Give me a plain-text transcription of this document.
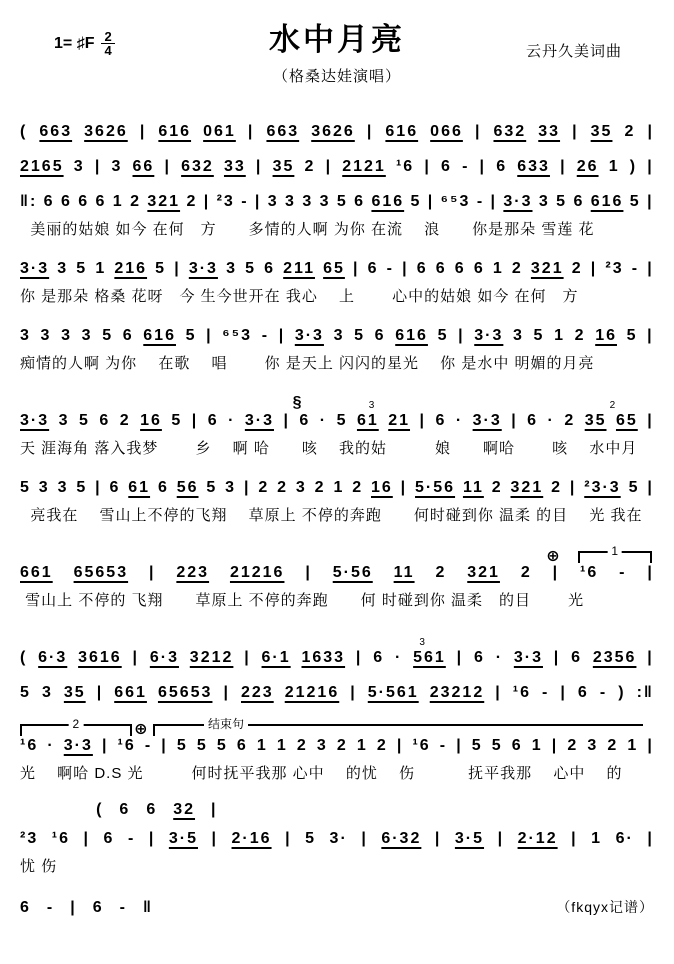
1= ♯F $\frac{2}{4}$	水中月亮
（格桑达娃演唱）
云丹久美词曲
( 663 3626 | 616 061 | 663 3626 | 616 066 | 632 33 | 35 2 |
2165 3 | 3 66 | 632 33 | 35 2 | 2121 ¹6 | 6 - | 6 633 | 26 1 ) |
‖: 6 6 6 6 1 2 321 2 | ²3 - | 3 3 3 3 5 6 616 5 | ⁶⁵3 - | 3·3 3 5 6 616 5 |
美丽的姑娘 如今 在何　方　　多情的人啊 为你 在流　 浪　　你是那朵 雪莲 花
3·3 3 5 1 216 5 | 3·3 3 5 6 211 65 | 6 - | 6 6 6 6 1 2 321 2 | ²3 - |
你 是那朵 格桑 花呀　今 生今世开在 我心　 上　　 心中的姑娘 如今 在何　方
3 3 3 3 5 6 616 5 | ⁶⁵3 - | 3·3 3 5 6 616 5 | 3·3 3 5 1 2 16 5 |
痴情的人啊 为你　 在歌　 唱　　 你 是天上 闪闪的星光　 你 是水中 明媚的月亮
§	3	2
3·3 3 5 6 2 16 5 | 6 · 3·3 | 6 · 5 61 21 | 6 · 3·3 | 6 · 2 35 65 |
天 涯海角 落入我梦　　 乡　 啊 哈　　咳　 我的姑　　　娘　　啊哈　　 咳　 水中月
5 3 3 5 | 6 61 6 56 5 3 | 2 2 3 2 1 2 16 | 5·56 11 2 321 2 | ²3·3 5 |
亮我在　 雪山上不停的飞翔　 草原上 不停的奔跑　　何时碰到你 温柔 的目　 光 我在
⊕	1
661 65653 | 223 21216 | 5·56 11 2 321 2 | ¹6 - |
雪山上 不停的 飞翔　　草原上 不停的奔跑　　何 时碰到你 温柔　的目　　 光
3
( 6·3 3616 | 6·3 3212 | 6·1 1633 | 6 · 561 | 6 · 3·3 | 6 2356 |
5 3 35 | 661 65653 | 223 21216 | 5·561 23212 | ¹6 - | 6 - ) :‖
2	⊕	结束句
¹6 · 3·3 | ¹6 - | 5 5 5 6 1 1 2 3 2 1 2 | ¹6 - | 5 5 6 1 | 2 3 2 1 |
光　 啊哈 D.S 光　　　何时抚平我那 心中　 的忧　 伤　　　 抚平我那　 心中　 的
( 6 6 32 |
²3 ¹6 | 6 - | 3·5 | 2·16 | 5 3· | 6·32 | 3·5 | 2·12 | 1 6· |
忧 伤
6 - | 6 - ‖	（fkqyx记谱）
